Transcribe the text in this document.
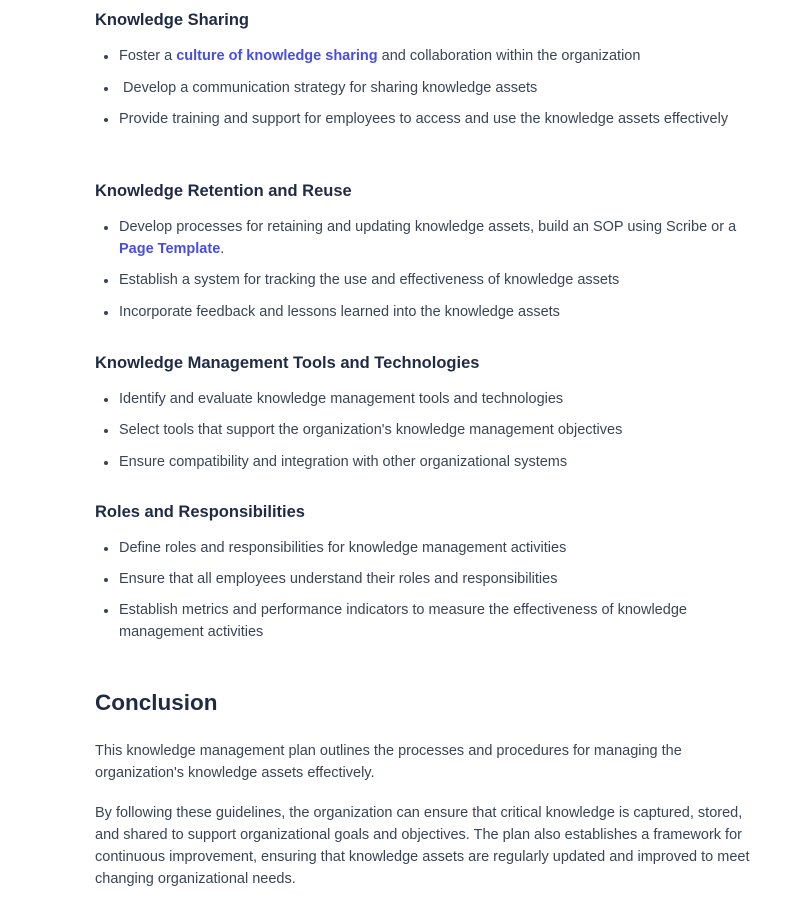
Knowledge Sharing
Foster a culture of knowledge sharing and collaboration within the organization
Develop a communication strategy for sharing knowledge assets
Provide training and support for employees to access and use the knowledge assets effectively
Knowledge Retention and Reuse
Develop processes for retaining and updating knowledge assets, build an SOP using Scribe or a Page Template.
Establish a system for tracking the use and effectiveness of knowledge assets
Incorporate feedback and lessons learned into the knowledge assets
Knowledge Management Tools and Technologies
Identify and evaluate knowledge management tools and technologies
Select tools that support the organization's knowledge management objectives
Ensure compatibility and integration with other organizational systems
Roles and Responsibilities
Define roles and responsibilities for knowledge management activities
Ensure that all employees understand their roles and responsibilities
Establish metrics and performance indicators to measure the effectiveness of knowledge management activities
Conclusion

This knowledge management plan outlines the processes and procedures for managing the organization's knowledge assets effectively.

By following these guidelines, the organization can ensure that critical knowledge is captured, stored, and shared to support organizational goals and objectives. The plan also establishes a framework for continuous improvement, ensuring that knowledge assets are regularly updated and improved to meet changing organizational needs.
